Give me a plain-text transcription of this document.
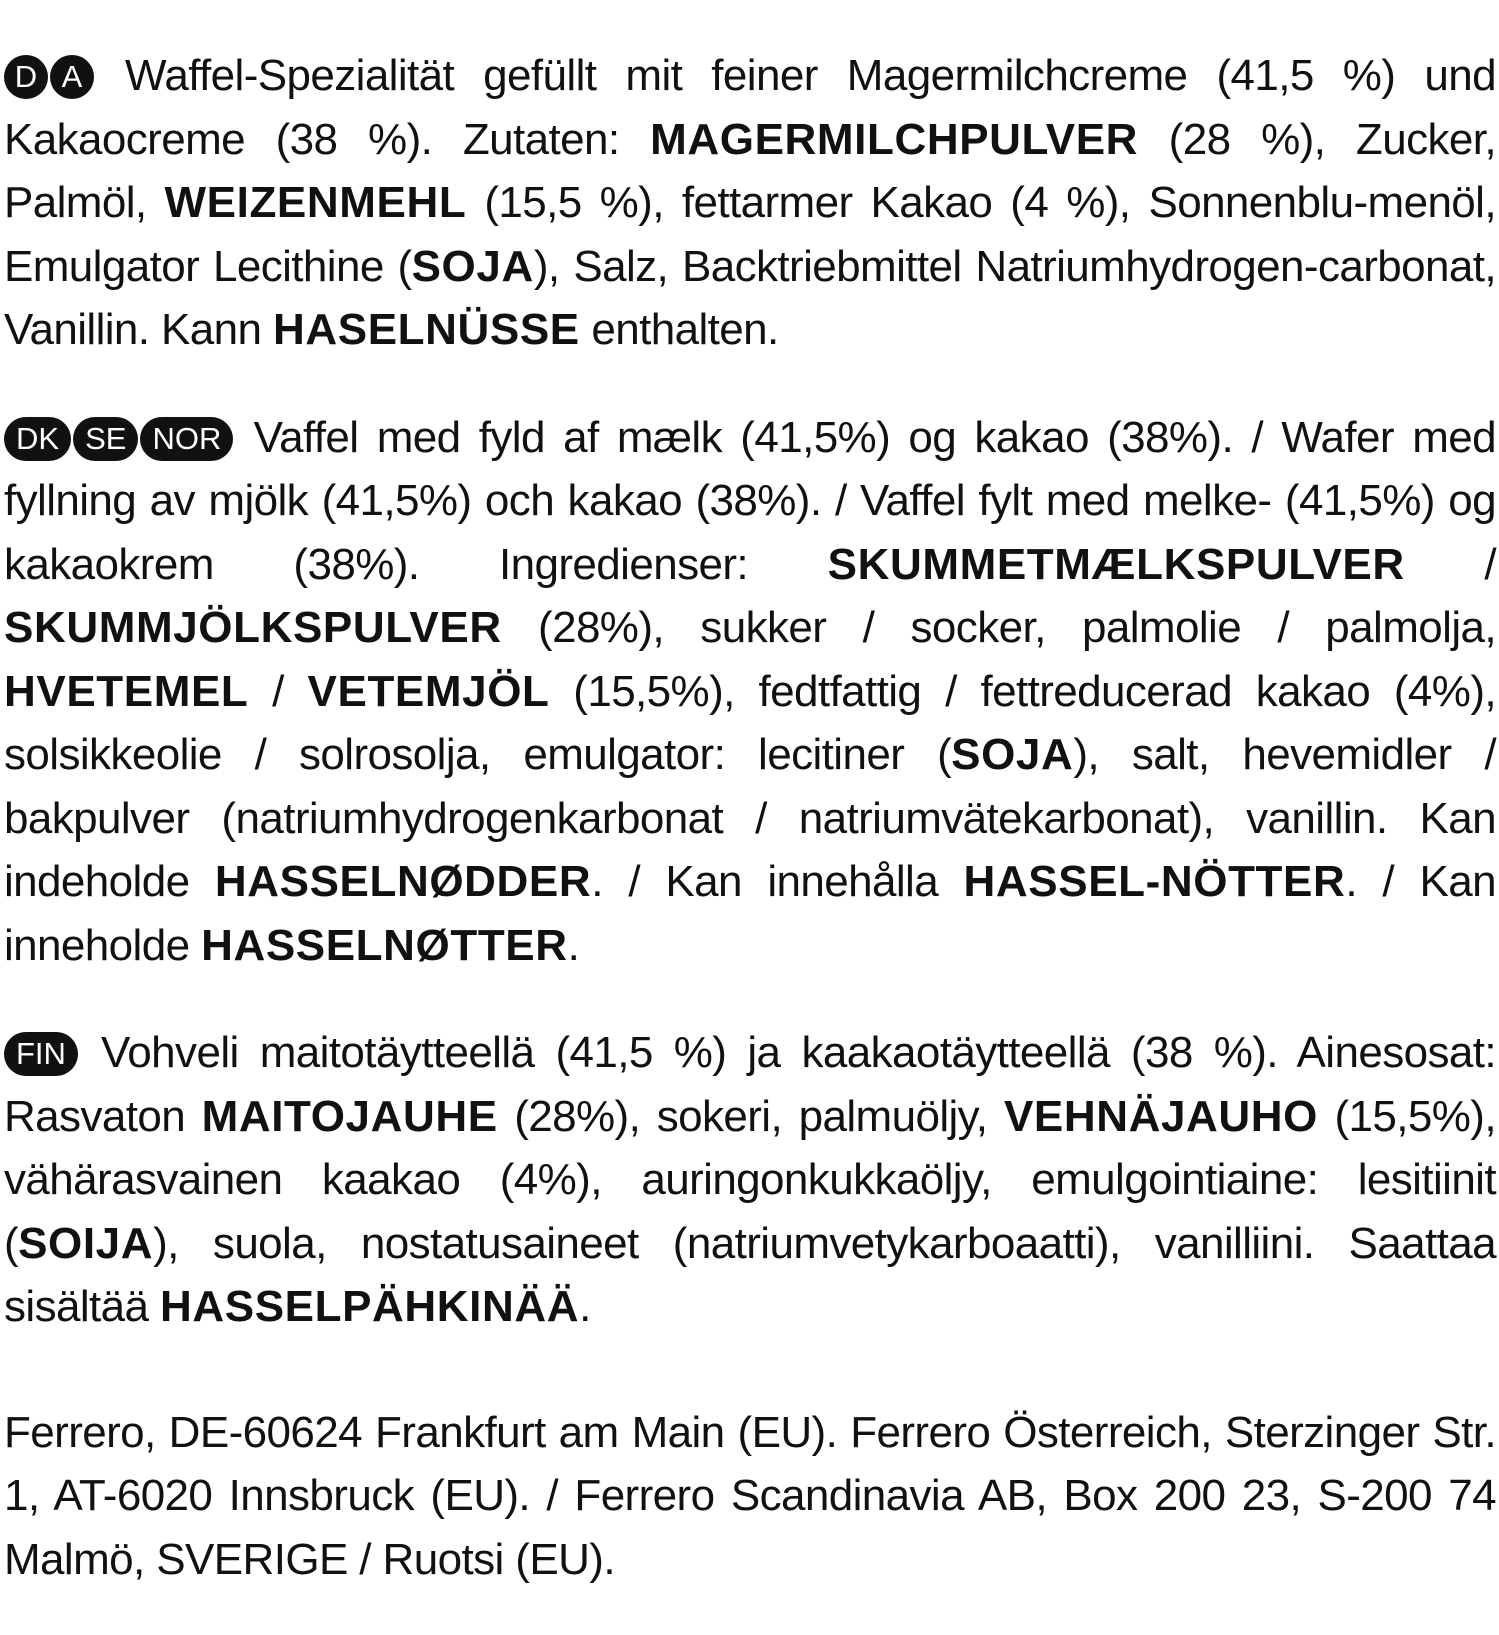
D A Waffel-Spezialität gefüllt mit feiner Magermilchcreme (41,5 %) und Kakaocreme (38 %). Zutaten: MAGERMILCHPULVER (28 %), Zucker, Palmöl, WEIZENMEHL (15,5 %), fettarmer Kakao (4 %), Sonnenblu-menöl, Emulgator Lecithine (SOJA), Salz, Backtriebmittel Natriumhydrogen-carbonat, Vanillin. Kann HASELNÜSSE enthalten.

DK SE NOR Vaffel med fyld af mælk (41,5%) og kakao (38%). / Wafer med fyllning av mjölk (41,5%) och kakao (38%). / Vaffel fylt med melke- (41,5%) og kakaokrem (38%). Ingredienser: SKUMMETMÆLKSPULVER / SKUMMJÖLKSPULVER (28%), sukker / socker, palmolie / palmolja, HVETEMEL / VETEMJÖL (15,5%), fedtfattig / fettreducerad kakao (4%), solsikkeolie / solrosolja, emulgator: lecitiner (SOJA), salt, hevemidler / bakpulver (natriumhydrogenkarbonat / natriumvätekarbonat), vanillin. Kan indeholde HASSELNØDDER. / Kan innehålla HASSEL-NÖTTER. / Kan inneholde HASSELNØTTER.

FIN Vohveli maitotäytteellä (41,5 %) ja kaakaotäytteellä (38 %). Ainesosat: Rasvaton MAITOJAUHE (28%), sokeri, palmuöljy, VEHNÄJAUHO (15,5%), vähärasvainen kaakao (4%), auringonkukkaöljy, emulgointiaine: lesitiinit (SOIJA), suola, nostatusaineet (natriumvetykarboaatti), vanilliini. Saattaa sisältää HASSELPÄHKINÄÄ.

Ferrero, DE-60624 Frankfurt am Main (EU). Ferrero Österreich, Sterzinger Str. 1, AT-6020 Innsbruck (EU). / Ferrero Scandinavia AB, Box 200 23, S-200 74 Malmö, SVERIGE / Ruotsi (EU).
